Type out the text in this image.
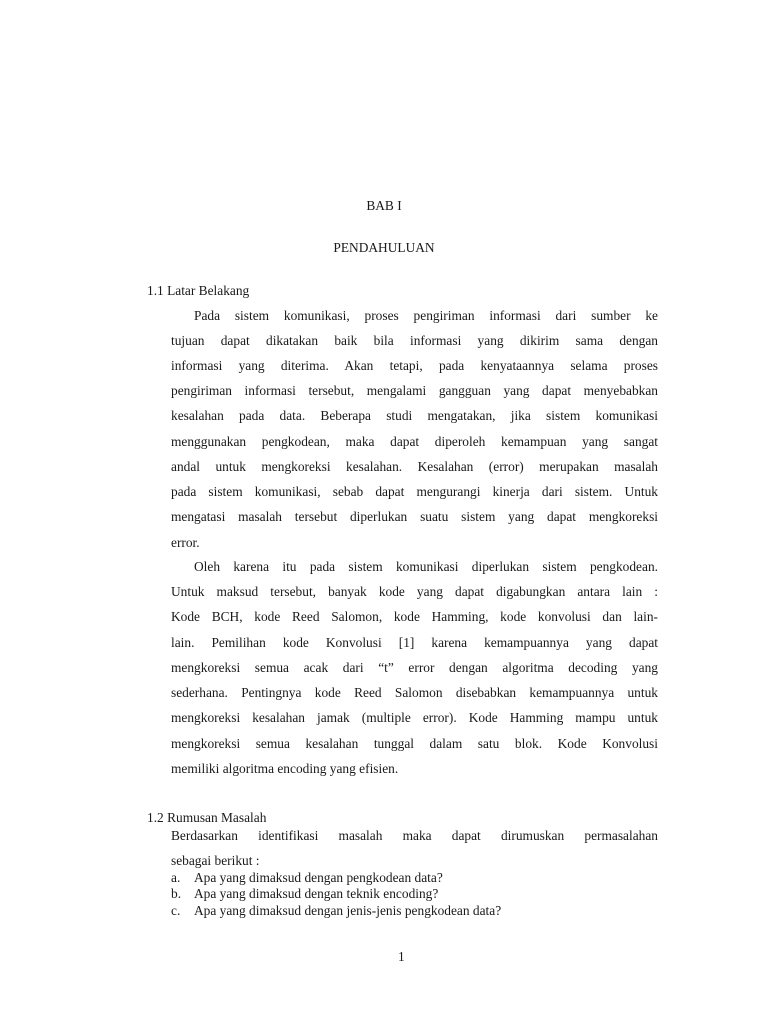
BAB I
PENDAHULUAN
1.1 Latar Belakang
Pada sistem komunikasi, proses pengiriman informasi dari sumber ke
tujuan dapat dikatakan baik bila informasi yang dikirim sama dengan
informasi yang diterima. Akan tetapi, pada kenyataannya selama proses
pengiriman informasi tersebut, mengalami gangguan yang dapat menyebabkan
kesalahan pada data. Beberapa studi mengatakan, jika sistem komunikasi
menggunakan pengkodean, maka dapat diperoleh kemampuan yang sangat
andal untuk mengkoreksi kesalahan. Kesalahan (error) merupakan masalah
pada sistem komunikasi, sebab dapat mengurangi kinerja dari sistem. Untuk
mengatasi masalah tersebut diperlukan suatu sistem yang dapat mengkoreksi
error.
Oleh karena itu pada sistem komunikasi diperlukan sistem pengkodean.
Untuk maksud tersebut, banyak kode yang dapat digabungkan antara lain :
Kode BCH, kode Reed Salomon, kode Hamming, kode konvolusi dan lain-
lain. Pemilihan kode Konvolusi [1] karena kemampuannya yang dapat
mengkoreksi semua acak dari “t” error dengan algoritma decoding yang
sederhana. Pentingnya kode Reed Salomon disebabkan kemampuannya untuk
mengkoreksi kesalahan jamak (multiple error). Kode Hamming mampu untuk
mengkoreksi semua kesalahan tunggal dalam satu blok. Kode Konvolusi
memiliki algoritma encoding yang efisien.
1.2 Rumusan Masalah
Berdasarkan identifikasi masalah maka dapat dirumuskan permasalahan
sebagai berikut :
a. Apa yang dimaksud dengan pengkodean data?
b. Apa yang dimaksud dengan teknik encoding?
c. Apa yang dimaksud dengan jenis-jenis pengkodean data?
1
